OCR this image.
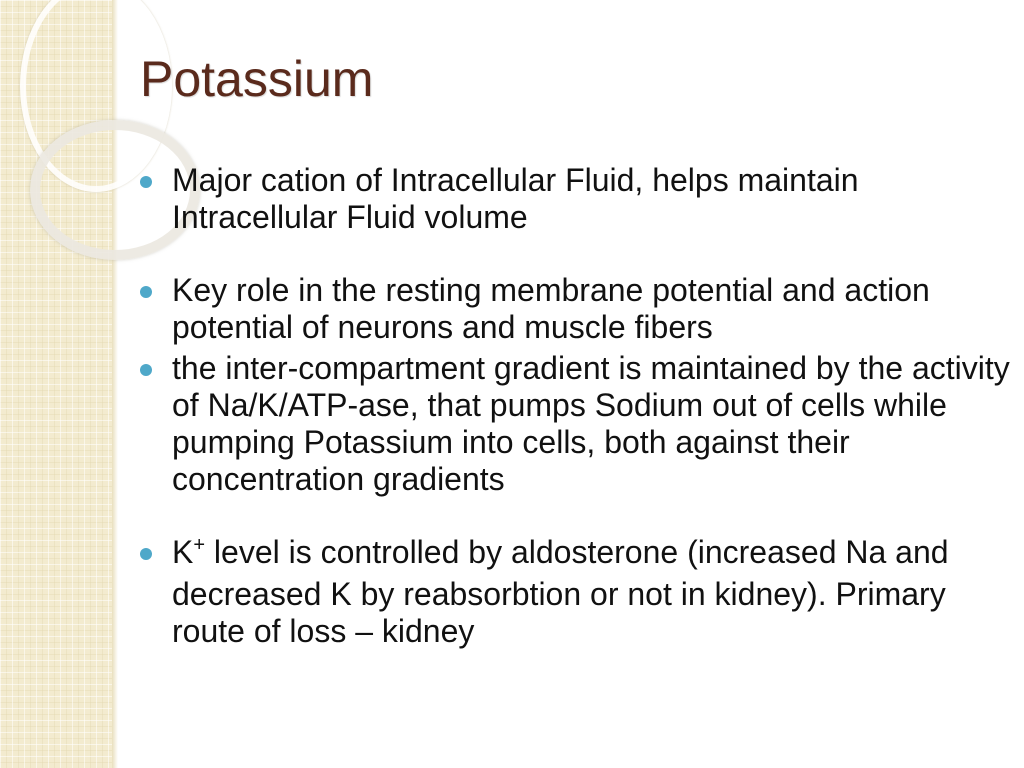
Potassium
Major cation of Intracellular Fluid, helps maintain Intracellular Fluid volume
Key role in the resting membrane potential and action potential of neurons and muscle fibers
the inter-compartment gradient is maintained by the activity of Na/K/ATP-ase, that pumps Sodium out of cells while pumping Potassium into cells, both against their concentration gradients
K+ level is controlled by aldosterone (increased Na and decreased K by reabsorbtion or not in kidney). Primary route of loss – kidney
